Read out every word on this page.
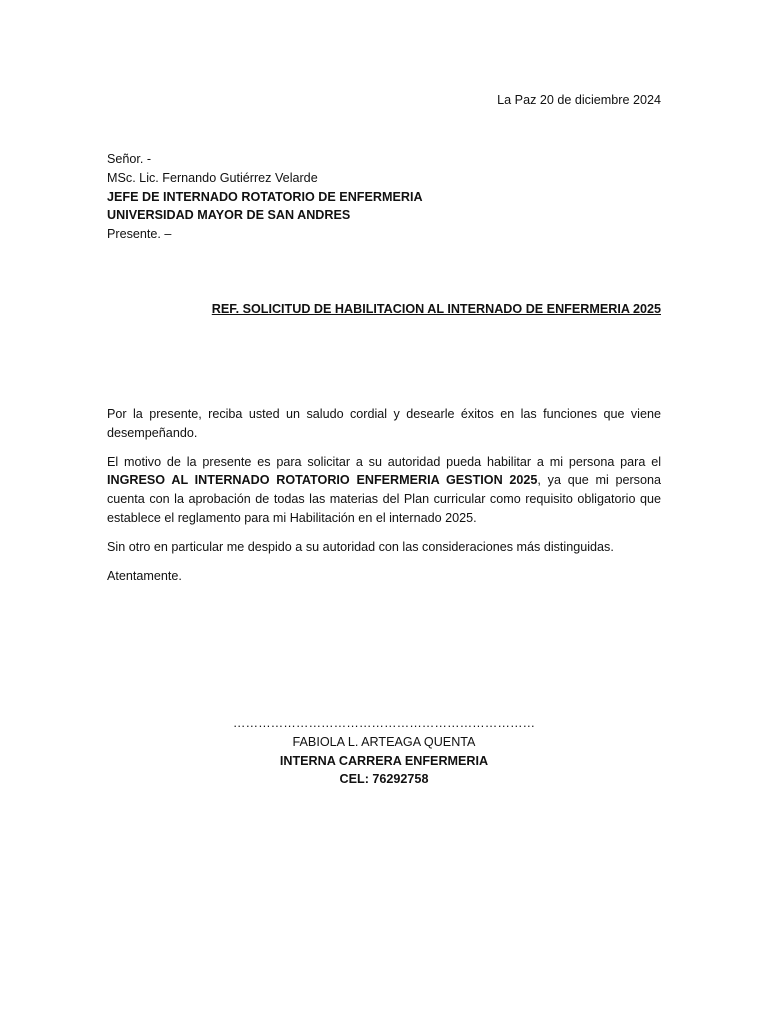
La Paz 20 de diciembre 2024
Señor. -
MSc. Lic. Fernando Gutiérrez Velarde
JEFE DE INTERNADO ROTATORIO DE ENFERMERIA
UNIVERSIDAD MAYOR DE SAN ANDRES
Presente. –
REF. SOLICITUD DE HABILITACION AL INTERNADO DE ENFERMERIA 2025

Por la presente, reciba usted un saludo cordial y desearle éxitos en las funciones que viene desempeñando.

El motivo de la presente es para solicitar a su autoridad pueda habilitar a mi persona para el INGRESO AL INTERNADO ROTATORIO ENFERMERIA GESTION 2025, ya que mi persona cuenta con la aprobación de todas las materias del Plan curricular como requisito obligatorio que establece el reglamento para mi Habilitación en el internado 2025.

Sin otro en particular me despido a su autoridad con las consideraciones más distinguidas.

Atentamente.

………………………………………………………………
FABIOLA L. ARTEAGA QUENTA
INTERNA CARRERA ENFERMERIA
CEL: 76292758
